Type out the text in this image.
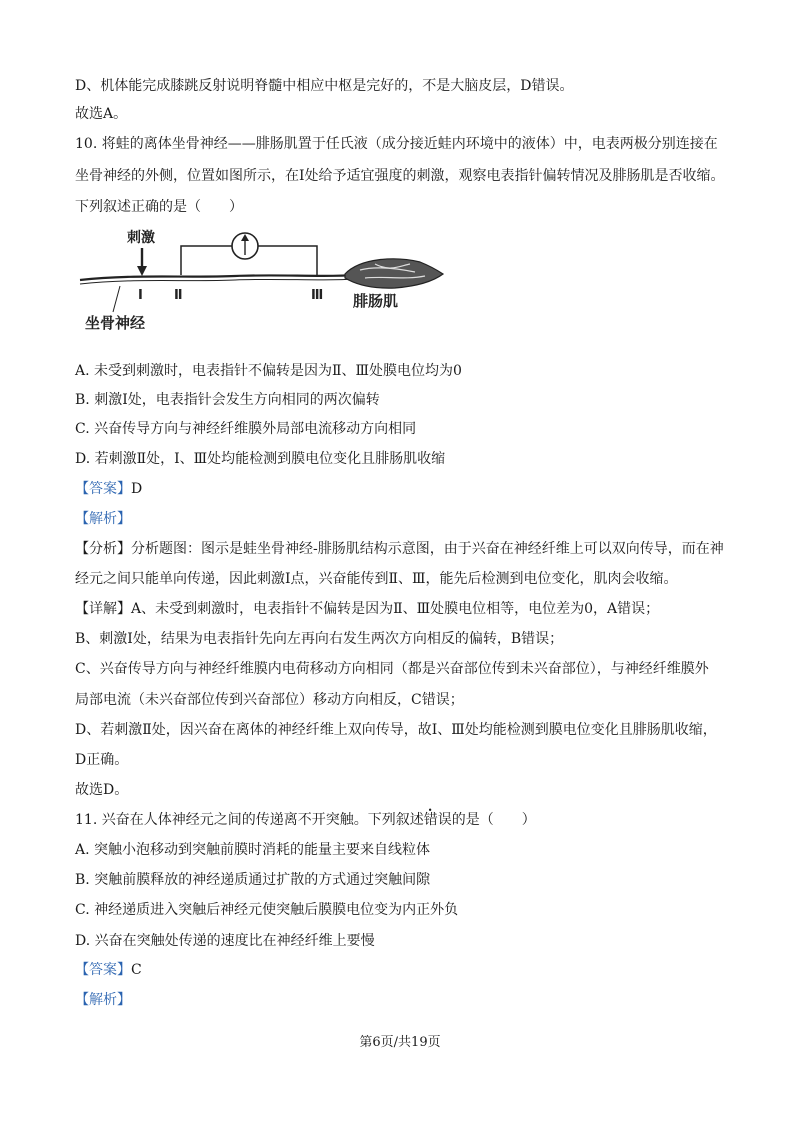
D、机体能完成膝跳反射说明脊髓中相应中枢是完好的，不是大脑皮层，D错误。
故选A。
10. 将蛙的离体坐骨神经——腓肠肌置于任氏液（成分接近蛙内环境中的液体）中，电表两极分别连接在
坐骨神经的外侧，位置如图所示，在Ⅰ处给予适宜强度的刺激，观察电表指针偏转情况及腓肠肌是否收缩。
下列叙述正确的是（　　）
刺激
Ⅰ Ⅱ	Ⅲ 腓肠肌
坐骨神经
A. 未受到刺激时，电表指针不偏转是因为Ⅱ、Ⅲ处膜电位均为0
B. 刺激Ⅰ处，电表指针会发生方向相同的两次偏转
C. 兴奋传导方向与神经纤维膜外局部电流移动方向相同
D. 若刺激Ⅱ处，Ⅰ、Ⅲ处均能检测到膜电位变化且腓肠肌收缩
【答案】D
【解析】
【分析】分析题图：图示是蛙坐骨神经-腓肠肌结构示意图，由于兴奋在神经纤维上可以双向传导，而在神
经元之间只能单向传递，因此刺激Ⅰ点，兴奋能传到Ⅱ、Ⅲ，能先后检测到电位变化，肌肉会收缩。
【详解】A、未受到刺激时，电表指针不偏转是因为Ⅱ、Ⅲ处膜电位相等，电位差为0，A错误；
B、刺激Ⅰ处，结果为电表指针先向左再向右发生两次方向相反的偏转，B错误；
C、兴奋传导方向与神经纤维膜内电荷移动方向相同（都是兴奋部位传到未兴奋部位），与神经纤维膜外
局部电流（未兴奋部位传到兴奋部位）移动方向相反，C错误；
D、若刺激Ⅱ处，因兴奋在离体的神经纤维上双向传导，故Ⅰ、Ⅲ处均能检测到膜电位变化且腓肠肌收缩，
D正确。
故选D。
11. 兴奋在人体神经元之间的传递离不开突触。下列叙述错误的是（　　）
A. 突触小泡移动到突触前膜时消耗的能量主要来自线粒体
B. 突触前膜释放的神经递质通过扩散的方式通过突触间隙
C. 神经递质进入突触后神经元使突触后膜膜电位变为内正外负
D. 兴奋在突触处传递的速度比在神经纤维上要慢
【答案】C
【解析】
第6页/共19页
